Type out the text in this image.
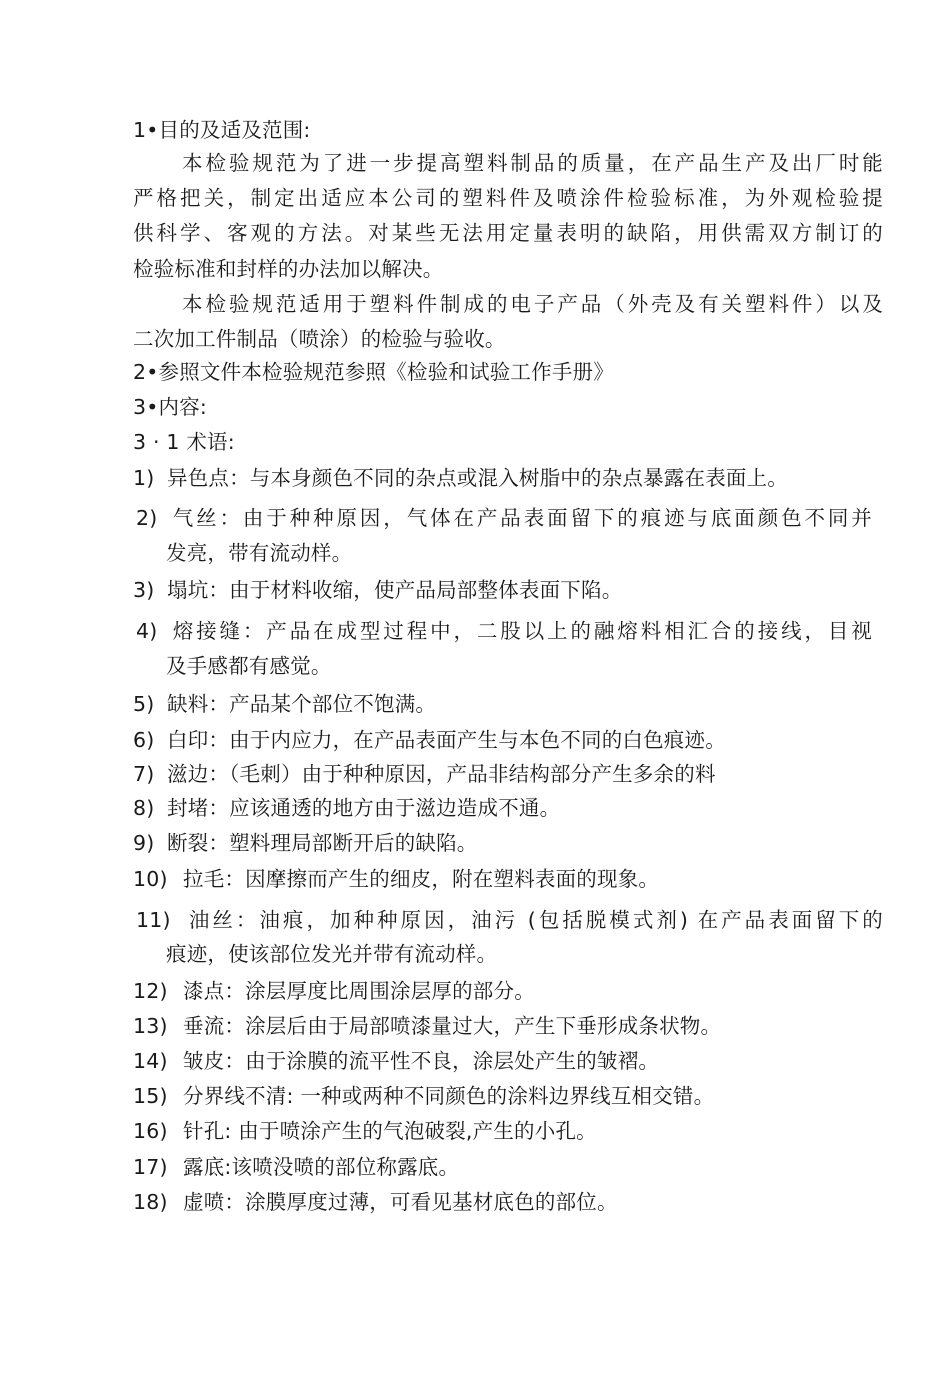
1•目的及适及范围:
本检验规范为了进一步提高塑料制品的质量，在产品生产及出厂时能
严格把关，制定出适应本公司的塑料件及喷涂件检验标准，为外观检验提
供科学、客观的方法。对某些无法用定量表明的缺陷，用供需双方制订的
检验标准和封样的办法加以解决。
本检验规范适用于塑料件制成的电子产品（外壳及有关塑料件）以及
二次加工件制品（喷涂）的检验与验收。
2•参照文件本检验规范参照《检验和试验工作手册》
3•内容:
3 · 1 术语:
1) 异色点：与本身颜色不同的杂点或混入树脂中的杂点暴露在表面上。
2) 气丝：由于种种原因，气体在产品表面留下的痕迹与底面颜色不同并
发亮，带有流动样。
3) 塌坑：由于材料收缩，使产品局部整体表面下陷。
4) 熔接缝：产品在成型过程中，二股以上的融熔料相汇合的接线，目视
及手感都有感觉。
5) 缺料：产品某个部位不饱满。
6) 白印：由于内应力，在产品表面产生与本色不同的白色痕迹。
7) 滋边：（毛刺）由于种种原因，产品非结构部分产生多余的料
8) 封堵：应该通透的地方由于滋边造成不通。
9) 断裂：塑料理局部断开后的缺陷。
10) 拉毛：因摩擦而产生的细皮，附在塑料表面的现象。
11) 油丝：油痕，加种种原因，油污 (包括脱模式剂) 在产品表面留下的
痕迹，使该部位发光并带有流动样。
12) 漆点：涂层厚度比周围涂层厚的部分。
13) 垂流：涂层后由于局部喷漆量过大，产生下垂形成条状物。
14) 皱皮：由于涂膜的流平性不良，涂层处产生的皱褶。
15) 分界线不清: 一种或两种不同颜色的涂料边界线互相交错。
16) 针孔: 由于喷涂产生的气泡破裂,产生的小孔。
17) 露底:该喷没喷的部位称露底。
18) 虚喷：涂膜厚度过薄，可看见基材底色的部位。
